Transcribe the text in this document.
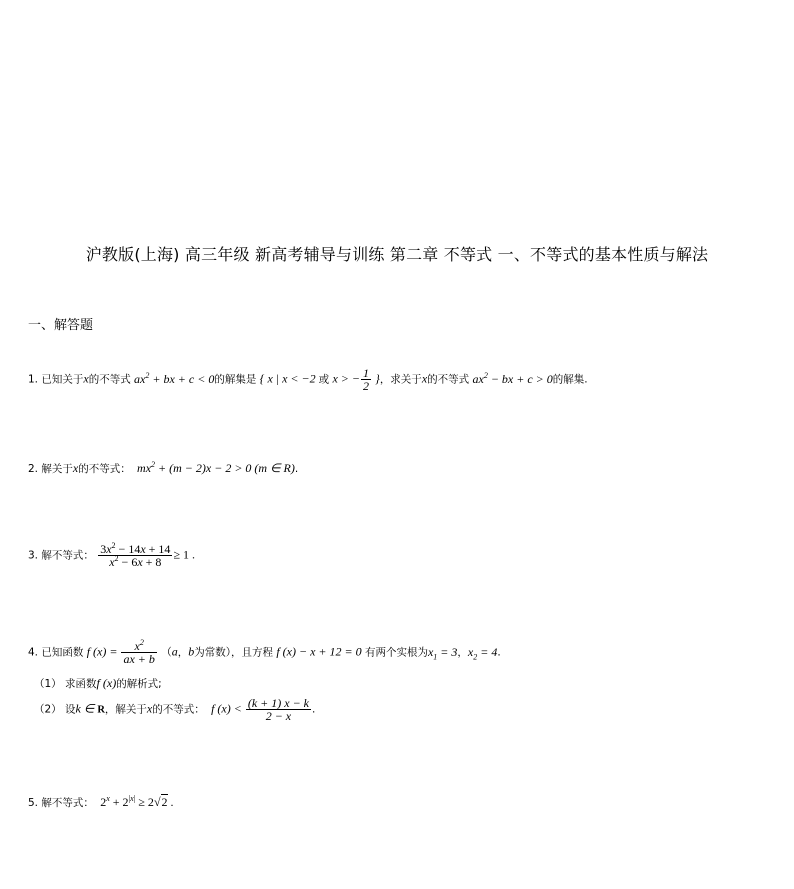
沪教版(上海) 高三年级 新高考辅导与训练 第二章 不等式 一、不等式的基本性质与解法
一、解答题
1. 已知关于x的不等式 $ax^2$ + bx + c < 0的解集是 { x | x < −2 或 x > − $\frac{1}{2}$ }，求关于x的不等式 $ax^2$ − bx + c > 0的解集.
2. 解关于x的不等式：  $mx^2 + (m - 2)x - 2 > 0$ (m ∈ R).
3. 解不等式： $\frac{3x^2 - 14x + 14}{x^2 - 6x + 8} \ge 1$ .
4. 已知函数 f $(x) = \frac{x^2}{ax + b} (a$，b为常数），且方程 f (x) − x + 12 = 0 有两个实根为$x_1 = 3$，$x_2 = 4$.
（1） 求函数f (x)的解析式;
（2） 设k ∈ R，解关于x的不等式：  f $(x) < \frac{(k + 1) x - k}{2 - x}$ .
5. 解不等式：  $2^x + 2^{|x|} \ge 2√2$ .
